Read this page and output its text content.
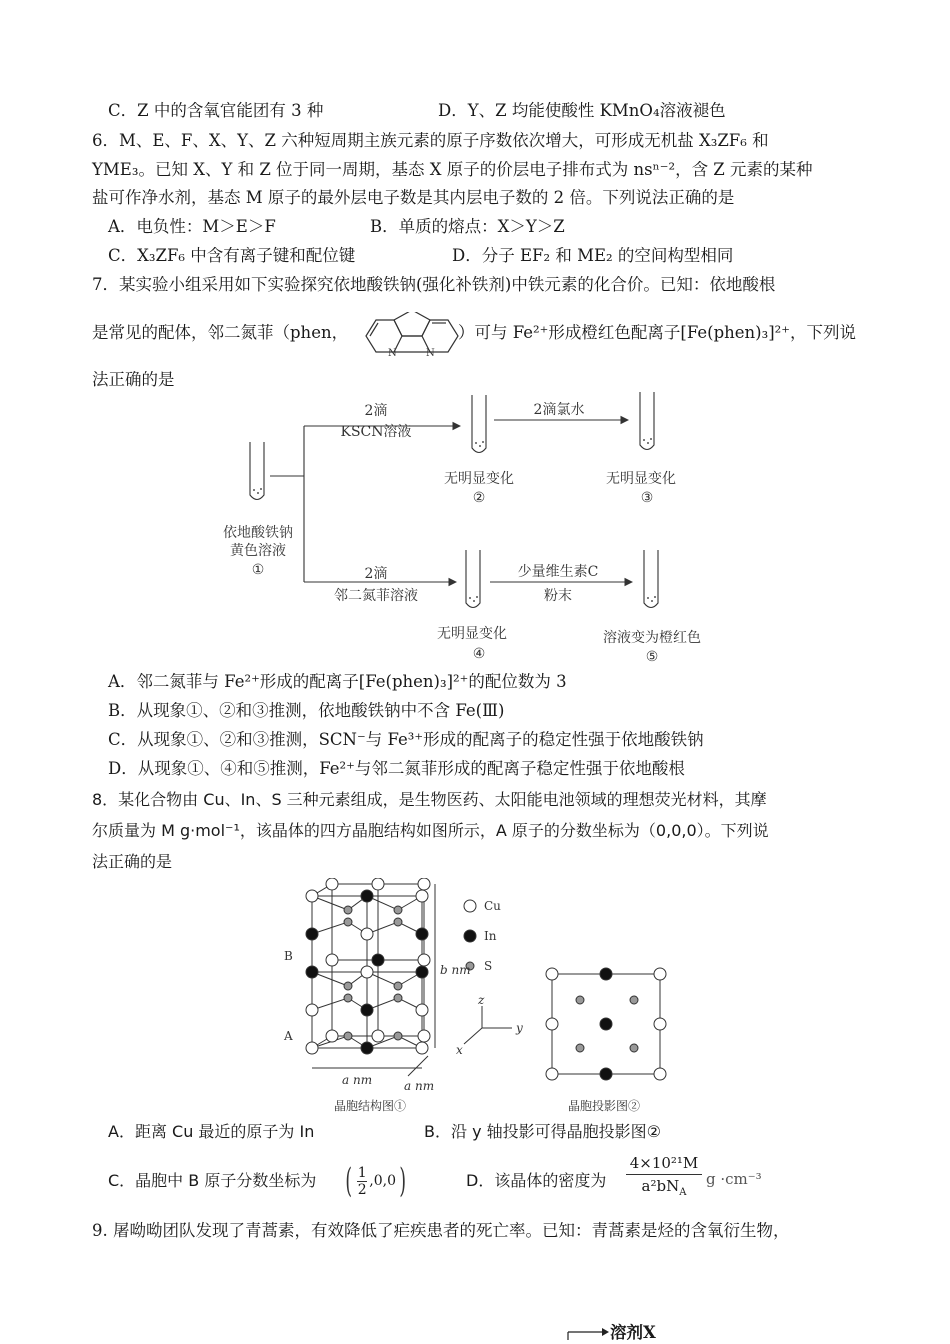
C．Z 中的含氧官能团有 3 种	D．Y、Z 均能使酸性 KMnO₄溶液褪色
6．M、E、F、X、Y、Z 六种短周期主族元素的原子序数依次增大，可形成无机盐 X₃ZF₆ 和
YME₃。已知 X、Y 和 Z 位于同一周期，基态 X 原子的价层电子排布式为 nsⁿ⁻²，含 Z 元素的某种
盐可作净水剂，基态 M 原子的最外层电子数是其内层电子数的 2 倍。下列说法正确的是
A．电负性：M＞E＞F	B．单质的熔点：X＞Y＞Z
C．X₃ZF₆ 中含有离子键和配位键	D．分子 EF₂ 和 ME₂ 的空间构型相同
7．某实验小组采用如下实验探究依地酸铁钠(强化补铁剂)中铁元素的化合价。已知：依地酸根
是常见的配体，邻二氮菲（phen，
N	N
）可与 Fe²⁺形成橙红色配离子[Fe(phen)₃]²⁺，下列说
法正确的是
依地酸铁钠
黄色溶液
①
2滴
KSCN溶液
无明显变化
②
2滴氯水
无明显变化
③
2滴
邻二氮菲溶液
无明显变化
④
少量维生素C
粉末
溶液变为橙红色
⑤
A．邻二氮菲与 Fe²⁺形成的配离子[Fe(phen)₃]²⁺的配位数为 3
B．从现象①、②和③推测，依地酸铁钠中不含 Fe(Ⅲ)
C．从现象①、②和③推测，SCN⁻与 Fe³⁺形成的配离子的稳定性强于依地酸铁钠
D．从现象①、④和⑤推测，Fe²⁺与邻二氮菲形成的配离子稳定性强于依地酸根
8．某化合物由 Cu、In、S 三种元素组成，是生物医药、太阳能电池领域的理想荧光材料，其摩
尔质量为 M g·mol⁻¹，该晶体的四方晶胞结构如图所示，A 原子的分数坐标为（0,0,0）。下列说
法正确的是
Cu
In
S
B
A
b nm
a nm	a nm
z
y
x
晶胞结构图①	晶胞投影图②
A．距离 Cu 最近的原子为 In	B．沿 y 轴投影可得晶胞投影图②
C．晶胞中 B 原子分数坐标为 ( 1
2
,0,0 )	D．该晶体的密度为
4×10²¹M
$a^2bN_A$
g ·cm⁻³
9. 屠呦呦团队发现了青蒿素，有效降低了疟疾患者的死亡率。已知：青蒿素是烃的含氧衍生物，
溶剂X
